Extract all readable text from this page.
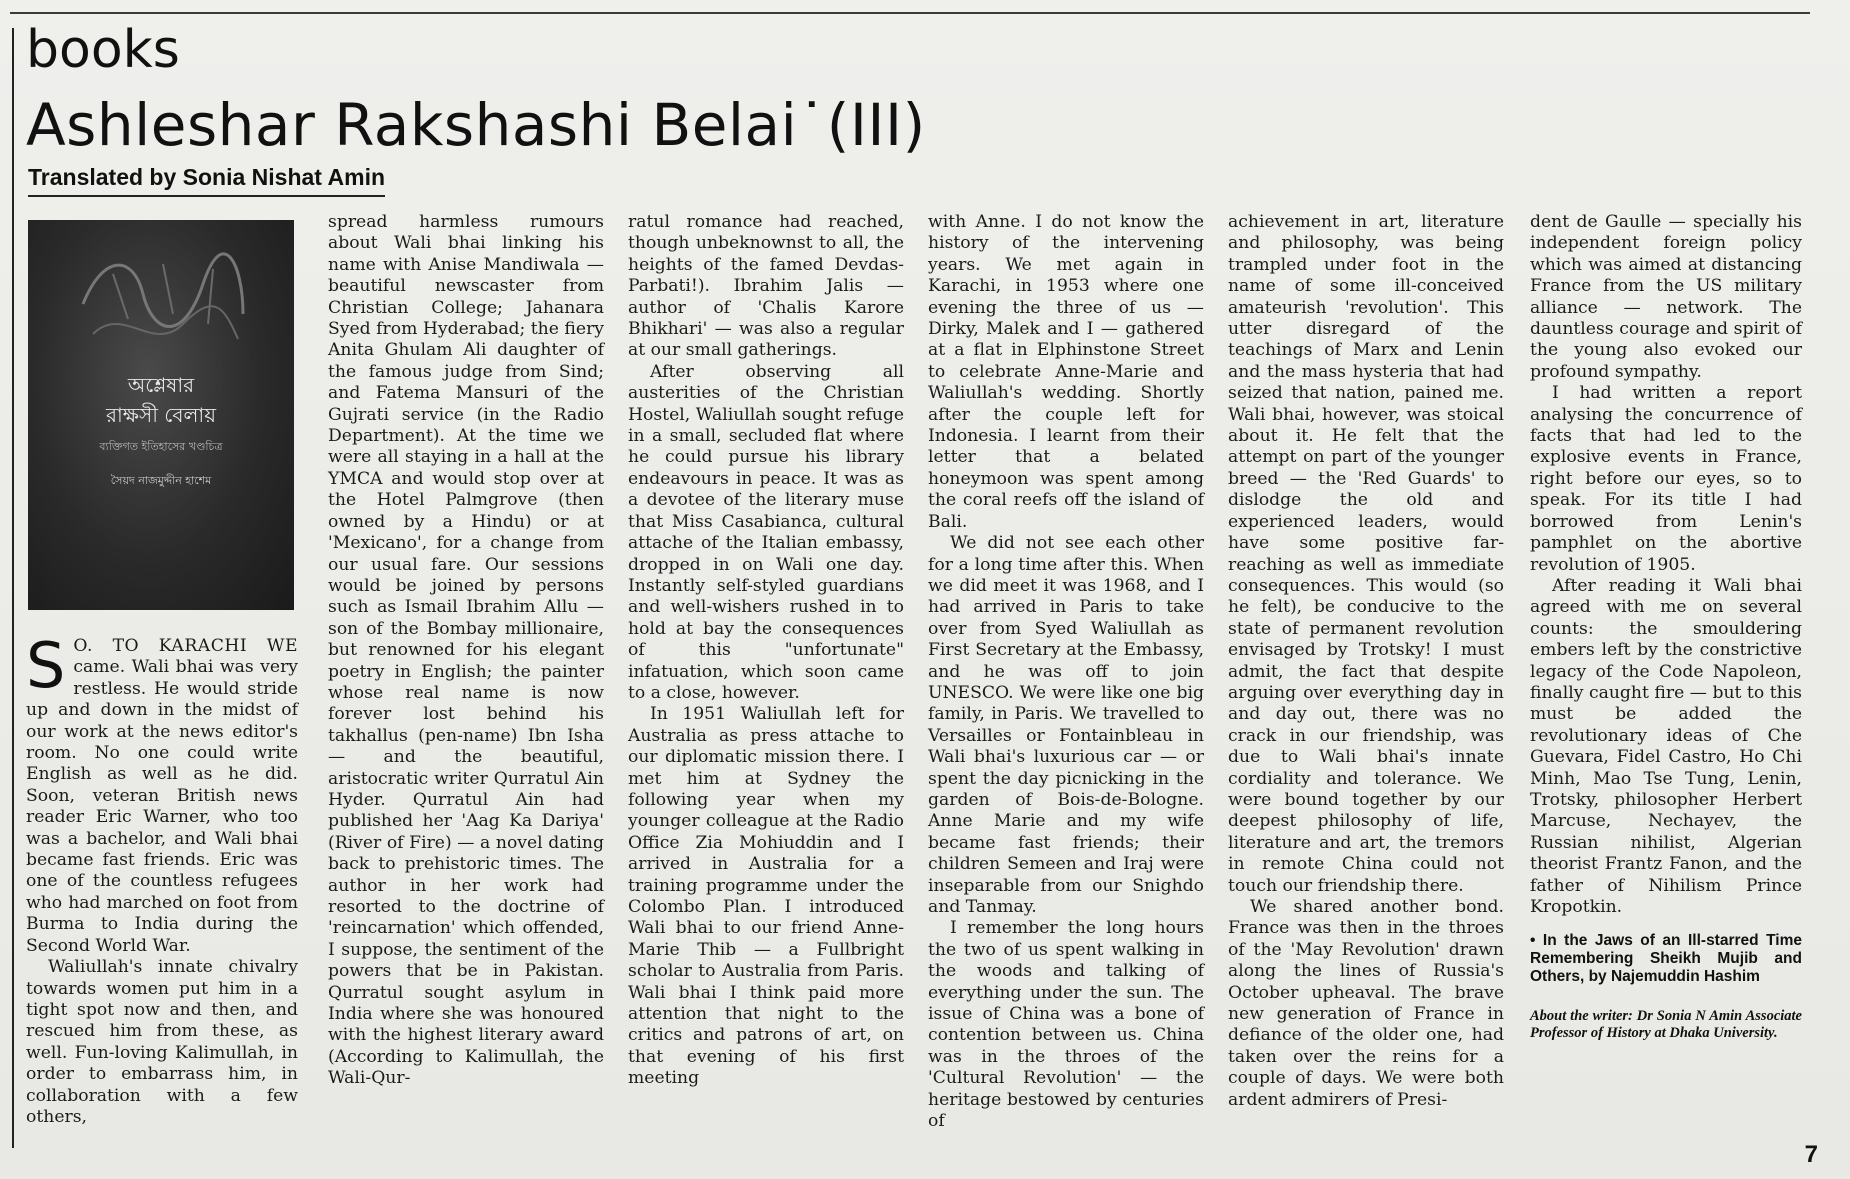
books
Ashleshar Rakshashi Belai˙(III)
Translated by Sonia Nishat Amin
অশ্লেষার
রাক্ষসী বেলায়
ব্যক্তিগত ইতিহাসের খণ্ডচিত্র
সৈয়দ নাজমুদ্দীন হাশেম

S O. TO KARACHI WE came. Wali bhai was very restless. He would stride up and down in the midst of our work at the news editor's room. No one could write English as well as he did. Soon, veteran British news reader Eric Warner, who too was a bachelor, and Wali bhai became fast friends. Eric was one of the countless refugees who had marched on foot from Burma to India during the Second World War.

Waliullah's innate chivalry towards women put him in a tight spot now and then, and rescued him from these, as well. Fun-loving Kalimullah, in order to embarrass him, in collaboration with a few others,

spread harmless rumours about Wali bhai linking his name with Anise Mandiwala — beautiful newscaster from Christian College; Jahanara Syed from Hyderabad; the fiery Anita Ghulam Ali daughter of the famous judge from Sind; and Fatema Mansuri of the Gujrati service (in the Radio Department). At the time we were all staying in a hall at the YMCA and would stop over at the Hotel Palmgrove (then owned by a Hindu) or at 'Mexicano', for a change from our usual fare. Our sessions would be joined by persons such as Ismail Ibrahim Allu — son of the Bombay millionaire, but renowned for his elegant poetry in English; the painter whose real name is now forever lost behind his takhallus (pen-name) Ibn Isha — and the beautiful, aristocratic writer Qurratul Ain Hyder. Qurratul Ain had published her 'Aag Ka Dariya' (River of Fire) — a novel dating back to prehistoric times. The author in her work had resorted to the doctrine of 'reincarnation' which offended, I suppose, the sentiment of the powers that be in Pakistan. Qurratul sought asylum in India where she was honoured with the highest literary award (According to Kalimullah, the Wali-Qur-

ratul romance had reached, though unbeknownst to all, the heights of the famed Devdas-Parbati!). Ibrahim Jalis — author of 'Chalis Karore Bhikhari' — was also a regular at our small gatherings.

After observing all austerities of the Christian Hostel, Waliullah sought refuge in a small, secluded flat where he could pursue his library endeavours in peace. It was as a devotee of the literary muse that Miss Casabianca, cultural attache of the Italian embassy, dropped in on Wali one day. Instantly self-styled guardians and well-wishers rushed in to hold at bay the consequences of this "unfortunate" infatuation, which soon came to a close, however.

In 1951 Waliullah left for Australia as press attache to our diplomatic mission there. I met him at Sydney the following year when my younger colleague at the Radio Office Zia Mohiuddin and I arrived in Australia for a training programme under the Colombo Plan. I introduced Wali bhai to our friend Anne-Marie Thib — a Fullbright scholar to Australia from Paris. Wali bhai I think paid more attention that night to the critics and patrons of art, on that evening of his first meeting

with Anne. I do not know the history of the intervening years. We met again in Karachi, in 1953 where one evening the three of us — Dirky, Malek and I — gathered at a flat in Elphinstone Street to celebrate Anne-Marie and Waliullah's wedding. Shortly after the couple left for Indonesia. I learnt from their letter that a belated honeymoon was spent among the coral reefs off the island of Bali.

We did not see each other for a long time after this. When we did meet it was 1968, and I had arrived in Paris to take over from Syed Waliullah as First Secretary at the Embassy, and he was off to join UNESCO. We were like one big family, in Paris. We travelled to Versailles or Fontainbleau in Wali bhai's luxurious car — or spent the day picnicking in the garden of Bois-de-Bologne. Anne Marie and my wife became fast friends; their children Semeen and Iraj were inseparable from our Snighdo and Tanmay.

I remember the long hours the two of us spent walking in the woods and talking of everything under the sun. The issue of China was a bone of contention between us. China was in the throes of the 'Cultural Revolution' — the heritage bestowed by centuries of

achievement in art, literature and philosophy, was being trampled under foot in the name of some ill-conceived amateurish 'revolution'. This utter disregard of the teachings of Marx and Lenin and the mass hysteria that had seized that nation, pained me. Wali bhai, however, was stoical about it. He felt that the attempt on part of the younger breed — the 'Red Guards' to dislodge the old and experienced leaders, would have some positive far-reaching as well as immediate consequences. This would (so he felt), be conducive to the state of permanent revolution envisaged by Trotsky! I must admit, the fact that despite arguing over everything day in and day out, there was no crack in our friendship, was due to Wali bhai's innate cordiality and tolerance. We were bound together by our deepest philosophy of life, literature and art, the tremors in remote China could not touch our friendship there.

We shared another bond. France was then in the throes of the 'May Revolution' drawn along the lines of Russia's October upheaval. The brave new generation of France in defiance of the older one, had taken over the reins for a couple of days. We were both ardent admirers of Presi-

dent de Gaulle — specially his independent foreign policy which was aimed at distancing France from the US military alliance — network. The dauntless courage and spirit of the young also evoked our profound sympathy.

I had written a report analysing the concurrence of facts that had led to the explosive events in France, right before our eyes, so to speak. For its title I had borrowed from Lenin's pamphlet on the abortive revolution of 1905.

After reading it Wali bhai agreed with me on several counts: the smouldering embers left by the constrictive legacy of the Code Napoleon, finally caught fire — but to this must be added the revolutionary ideas of Che Guevara, Fidel Castro, Ho Chi Minh, Mao Tse Tung, Lenin, Trotsky, philosopher Herbert Marcuse, Nechayev, the Russian nihilist, Algerian theorist Frantz Fanon, and the father of Nihilism Prince Kropotkin.

• In the Jaws of an Ill-starred Time Remembering Sheikh Mujib and Others, by Najemuddin Hashim
About the writer: Dr Sonia N Amin Associate Professor of History at Dhaka University.
7
